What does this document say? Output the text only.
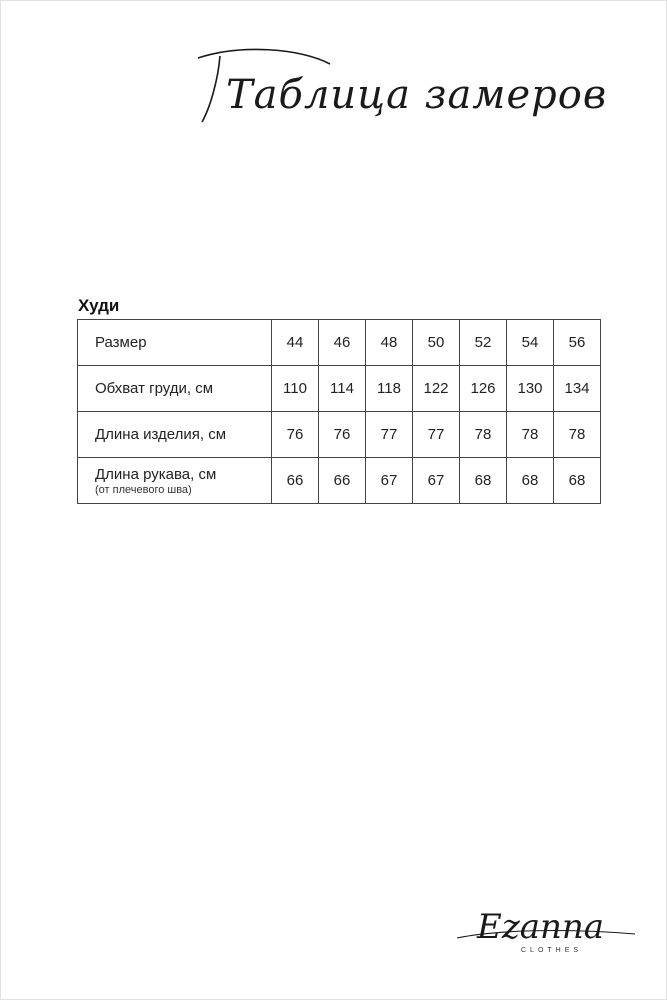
Таблица замеров
Худи
Размер	44	46	48	50	52	54	56
Обхват груди, см	110	114	118	122	126	130	134
Длина изделия, см	76	76	77	77	78	78	78
Длина рукава, см
(от плечевого шва)	66	66	67	67	68	68	68
Ezanna
CLOTHES
